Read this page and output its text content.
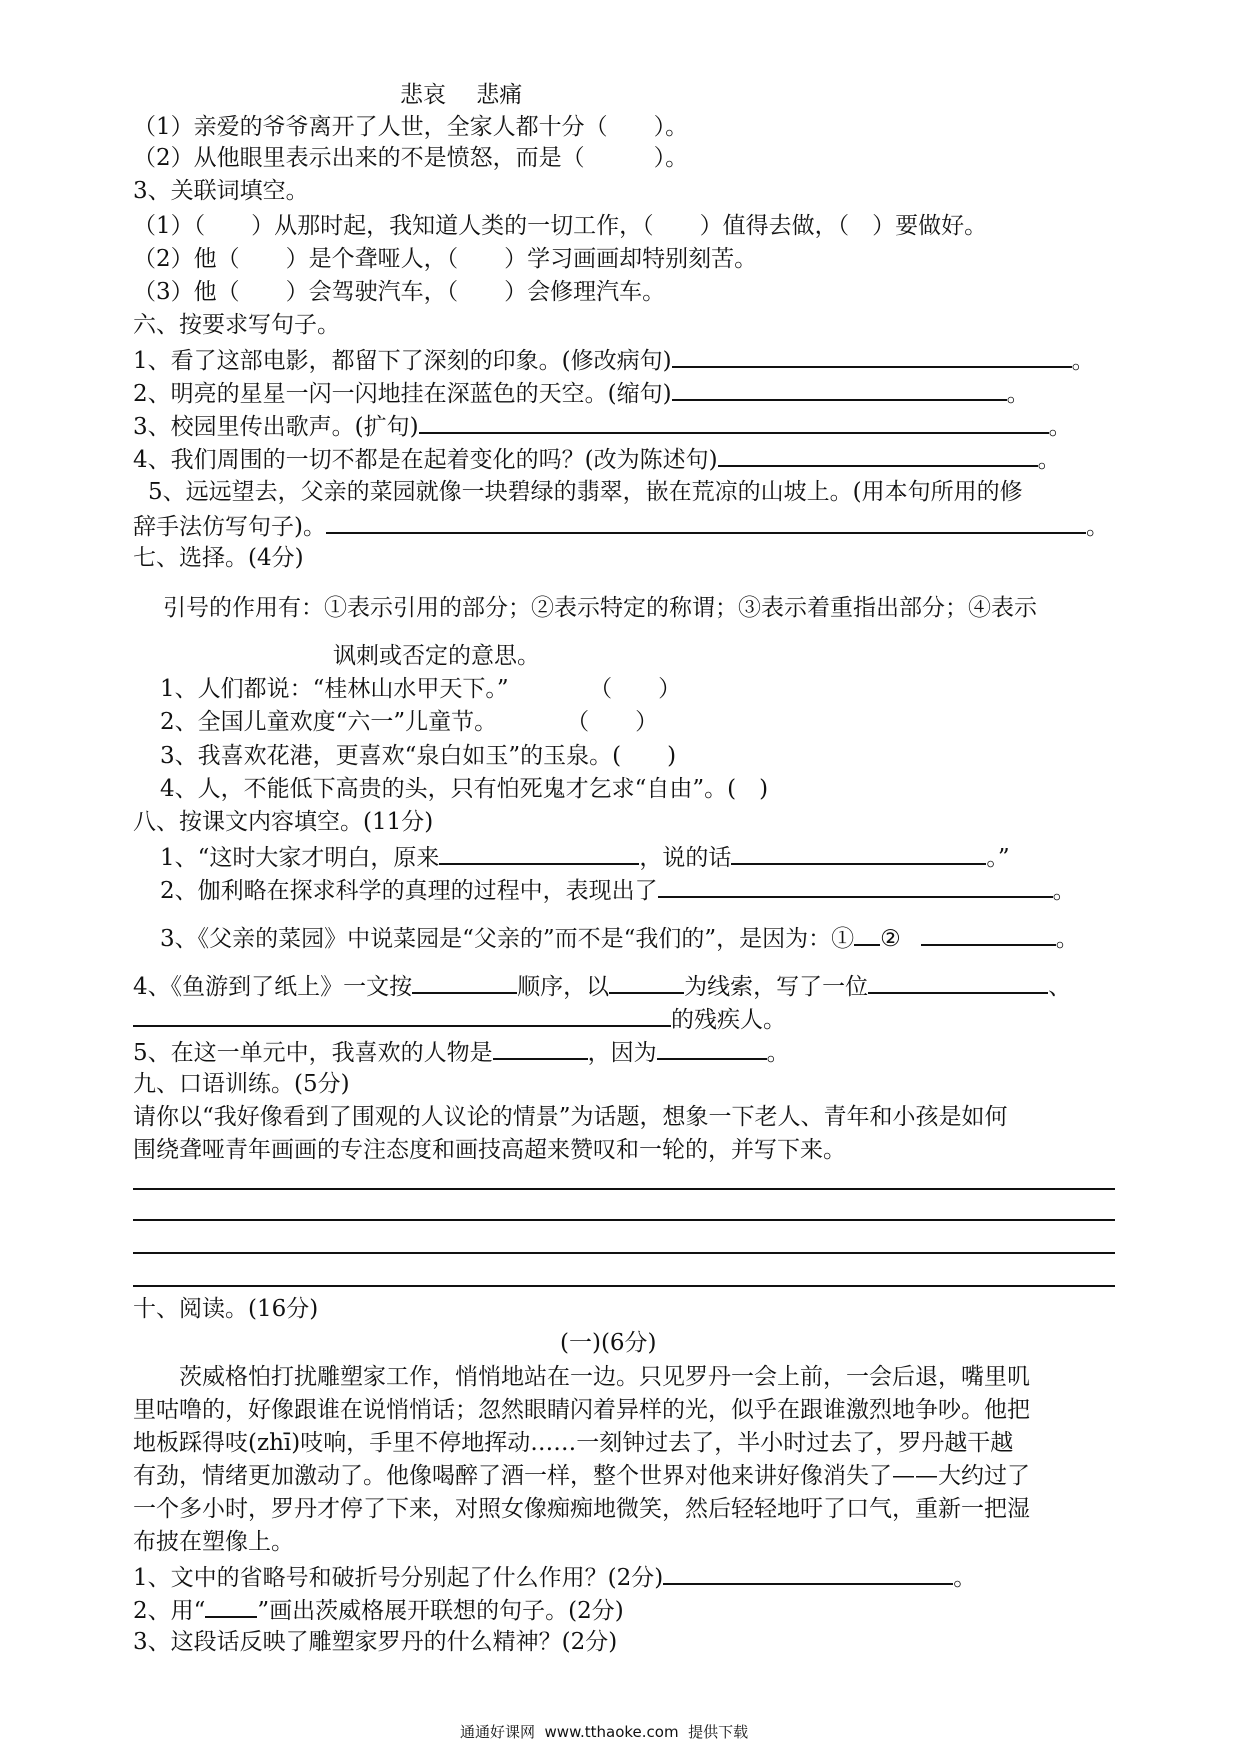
悲哀　 悲痛
（1）亲爱的爷爷离开了人世，全家人都十分（　　）。
（2）从他眼里表示出来的不是愤怒，而是（　　　）。
3、关联词填空。
（1）（　　）从那时起，我知道人类的一切工作，（　　）值得去做，（　）要做好。
（2）他（　　）是个聋哑人，（　　）学习画画却特别刻苦。
（3）他（　　）会驾驶汽车，（　　）会修理汽车。
六、按要求写句子。
1、看了这部电影，都留下了深刻的印象。(修改病句)	。
2、明亮的星星一闪一闪地挂在深蓝色的天空。(缩句)	。
3、校园里传出歌声。(扩句)	。
4、我们周围的一切不都是在起着变化的吗？(改为陈述句)	。
5、远远望去，父亲的菜园就像一块碧绿的翡翠，嵌在荒凉的山坡上。(用本句所用的修
辞手法仿写句子)。	。
七、选择。(4分)
引号的作用有：①表示引用的部分；②表示特定的称谓；③表示着重指出部分；④表示
讽刺或否定的意思。
1、人们都说：“桂林山水甲天下。”　　　　（　　）
2、全国儿童欢度“六一”儿童节。　　　　（　　）
3、我喜欢花港，更喜欢“泉白如玉”的玉泉。(　　)
4、人，不能低下高贵的头，只有怕死鬼才乞求“自由”。(　)
八、按课文内容填空。(11分)
1、“这时大家才明白，原来	，说的话	。”
2、伽利略在探求科学的真理的过程中，表现出了	。
3、《父亲的菜园》中说菜园是“父亲的”而不是“我们的”，是因为：① ②	。
4、《鱼游到了纸上》一文按	顺序，以	为线索，写了一位	、
的残疾人。
5、在这一单元中，我喜欢的人物是	，因为	。
九、口语训练。(5分)
请你以“我好像看到了围观的人议论的情景”为话题，想象一下老人、青年和小孩是如何
围绕聋哑青年画画的专注态度和画技高超来赞叹和一轮的，并写下来。
十、阅读。(16分)
(一)(6分)
　　茨威格怕打扰雕塑家工作，悄悄地站在一边。只见罗丹一会上前，一会后退，嘴里叽
里咕噜的，好像跟谁在说悄悄话；忽然眼睛闪着异样的光，似乎在跟谁激烈地争吵。他把
地板踩得吱(zhī)吱响，手里不停地挥动……一刻钟过去了，半小时过去了，罗丹越干越
有劲，情绪更加激动了。他像喝醉了酒一样，整个世界对他来讲好像消失了——大约过了
一个多小时，罗丹才停了下来，对照女像痴痴地微笑，然后轻轻地吁了口气，重新一把湿
布披在塑像上。
1、文中的省略号和破折号分别起了什么作用？(2分)	。
2、用“ ”画出茨威格展开联想的句子。(2分)
3、这段话反映了雕塑家罗丹的什么精神？(2分)
通通好课网  www.tthaoke.com  提供下载
